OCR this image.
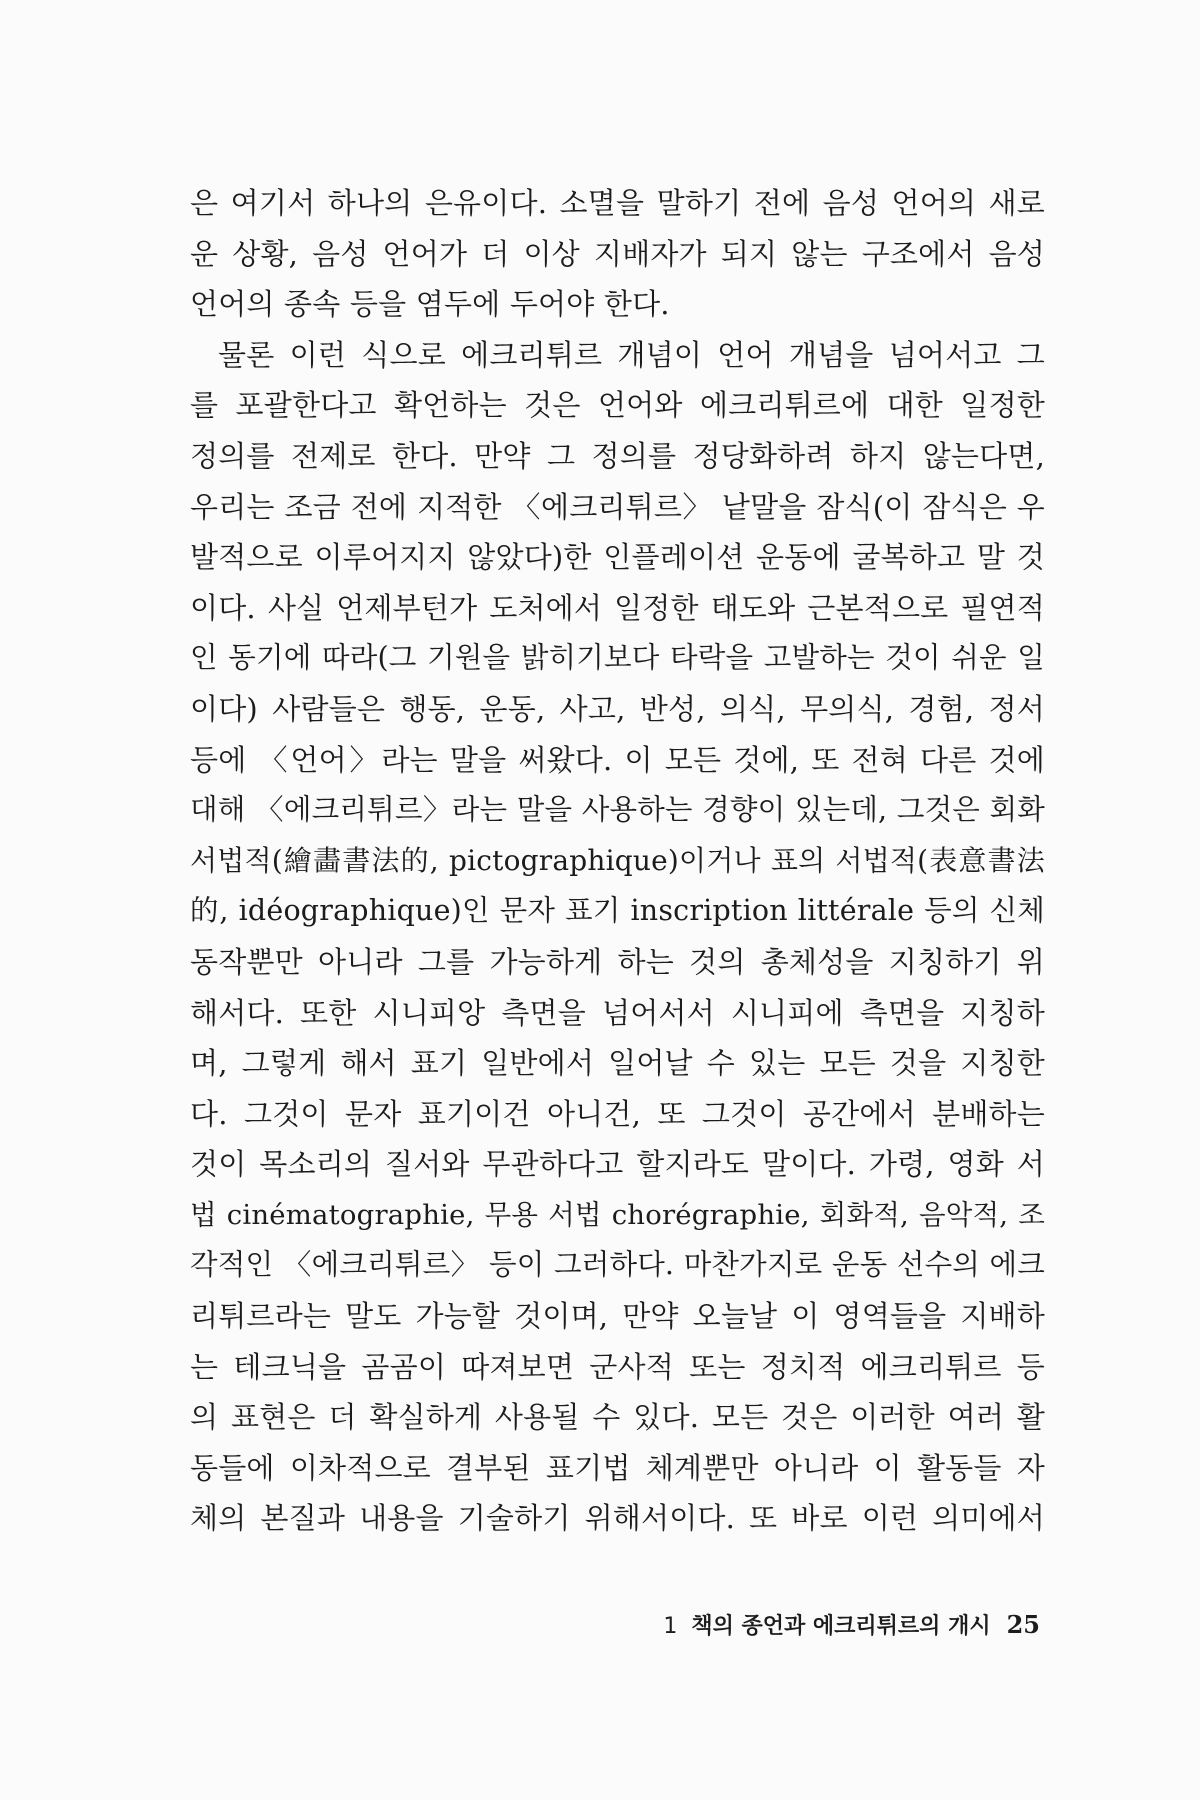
은 여기서 하나의 은유이다. 소멸을 말하기 전에 음성 언어의 새로
운 상황, 음성 언어가 더 이상 지배자가 되지 않는 구조에서 음성
언어의 종속 등을 염두에 두어야 한다.
물론 이런 식으로 에크리튀르 개념이 언어 개념을 넘어서고 그
를 포괄한다고 확언하는 것은 언어와 에크리튀르에 대한 일정한
정의를 전제로 한다. 만약 그 정의를 정당화하려 하지 않는다면,
우리는 조금 전에 지적한 〈에크리튀르〉 낱말을 잠식(이 잠식은 우
발적으로 이루어지지 않았다)한 인플레이션 운동에 굴복하고 말 것
이다. 사실 언제부턴가 도처에서 일정한 태도와 근본적으로 필연적
인 동기에 따라(그 기원을 밝히기보다 타락을 고발하는 것이 쉬운 일
이다) 사람들은 행동, 운동, 사고, 반성, 의식, 무의식, 경험, 정서
등에 〈언어〉라는 말을 써왔다. 이 모든 것에, 또 전혀 다른 것에
대해 〈에크리튀르〉라는 말을 사용하는 경향이 있는데, 그것은 회화
서법적(繪畵書法的, pictographique)이거나 표의 서법적(表意書法
的, idéographique)인 문자 표기 inscription littérale 등의 신체
동작뿐만 아니라 그를 가능하게 하는 것의 총체성을 지칭하기 위
해서다. 또한 시니피앙 측면을 넘어서서 시니피에 측면을 지칭하
며, 그렇게 해서 표기 일반에서 일어날 수 있는 모든 것을 지칭한
다. 그것이 문자 표기이건 아니건, 또 그것이 공간에서 분배하는
것이 목소리의 질서와 무관하다고 할지라도 말이다. 가령, 영화 서
법 cinématographie, 무용 서법 chorégraphie, 회화적, 음악적, 조
각적인 〈에크리튀르〉 등이 그러하다. 마찬가지로 운동 선수의 에크
리튀르라는 말도 가능할 것이며, 만약 오늘날 이 영역들을 지배하
는 테크닉을 곰곰이 따져보면 군사적 또는 정치적 에크리튀르 등
의 표현은 더 확실하게 사용될 수 있다. 모든 것은 이러한 여러 활
동들에 이차적으로 결부된 표기법 체계뿐만 아니라 이 활동들 자
체의 본질과 내용을 기술하기 위해서이다. 또 바로 이런 의미에서
1 책의 종언과 에크리튀르의 개시 25
